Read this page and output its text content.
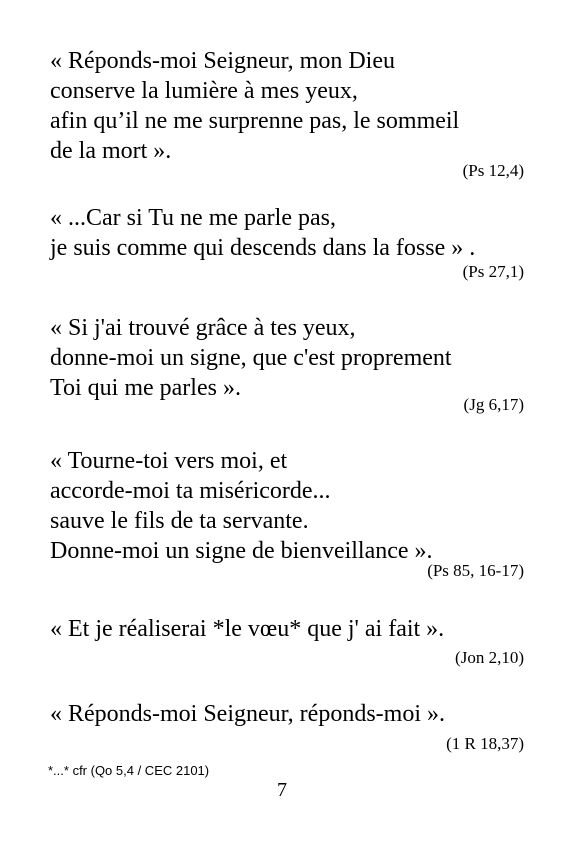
« Réponds-moi Seigneur, mon Dieu
conserve la lumière à mes yeux,
afin qu’il ne me surprenne pas, le sommeil
de la mort ».
(Ps 12,4)
« ...Car si Tu ne me parle pas,
je suis comme qui descends dans la fosse » .
(Ps 27,1)
« Si j'ai trouvé grâce à tes yeux,
donne-moi un signe, que c'est proprement
Toi qui me parles ».
(Jg 6,17)
« Tourne-toi vers moi, et
accorde-moi ta miséricorde...
sauve le fils de ta servante.
Donne-moi un signe de bienveillance ».
(Ps 85, 16-17)
« Et je réaliserai *le vœu* que j' ai fait ».
(Jon 2,10)
« Réponds-moi Seigneur, réponds-moi ».
(1 R 18,37)
*...* cfr (Qo 5,4 / CEC 2101)
7
